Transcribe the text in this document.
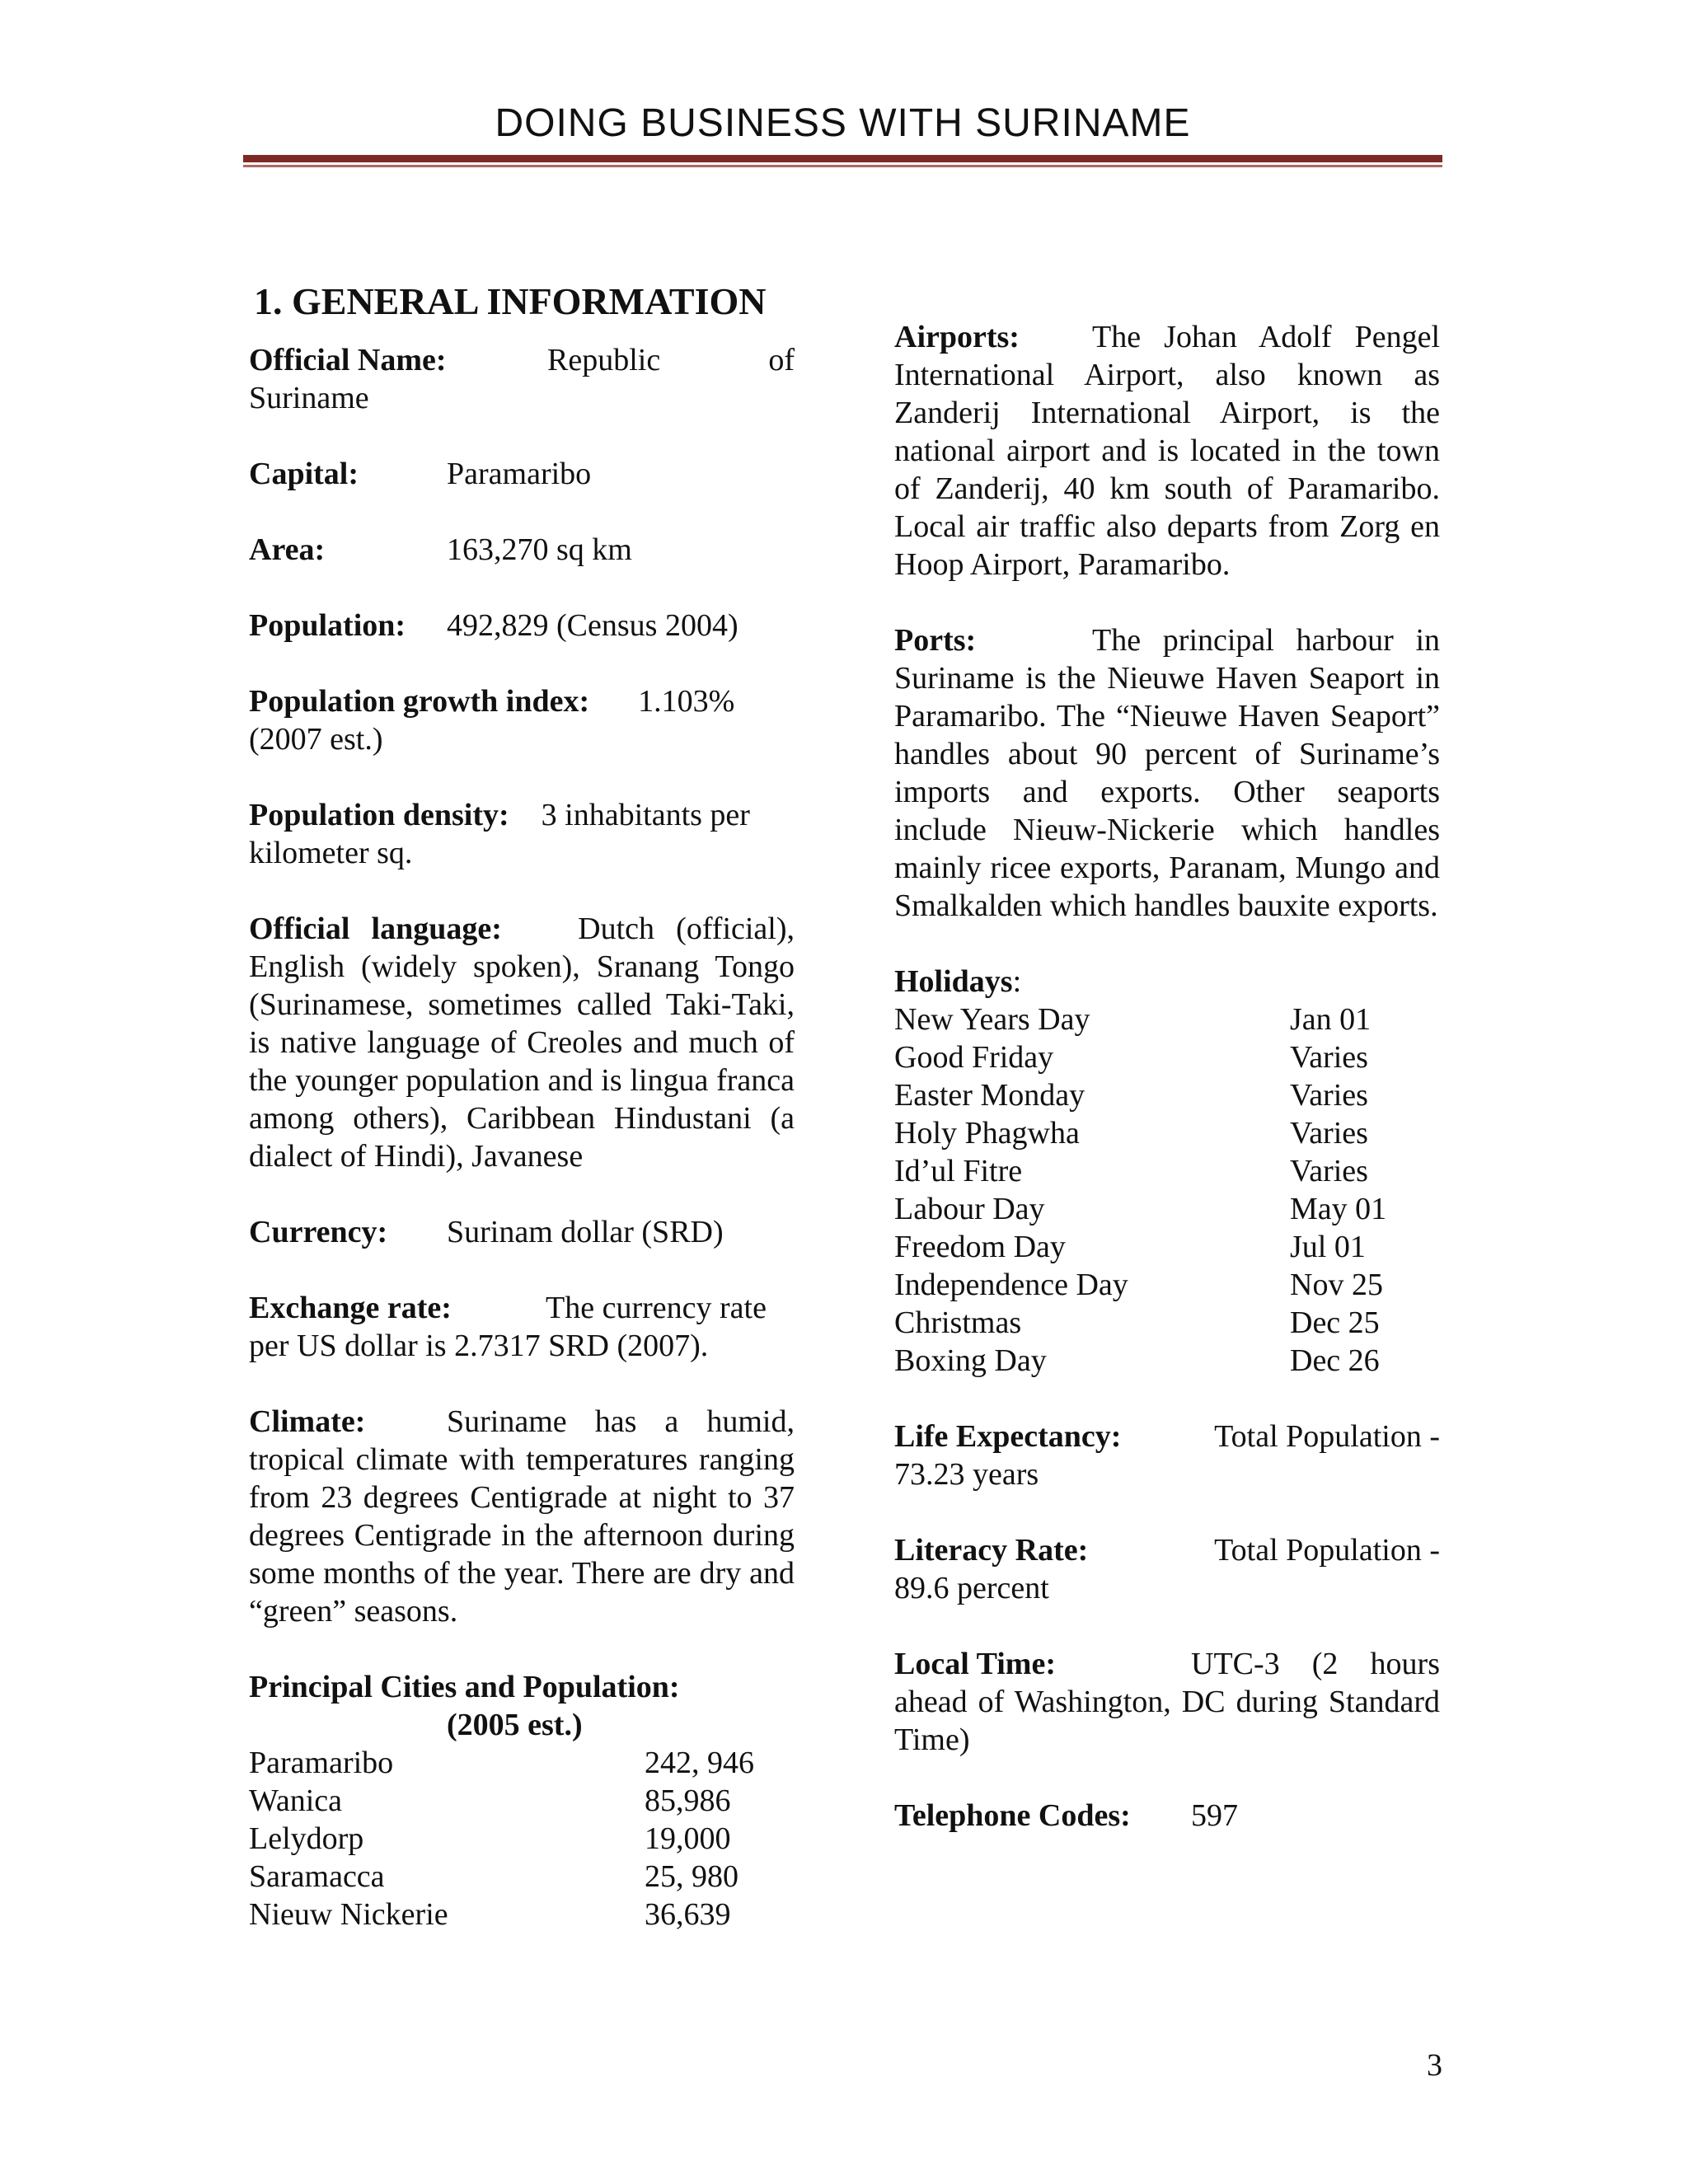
DOING BUSINESS WITH SURINAME
1. GENERAL INFORMATION
Official Name:	Republic	of
Suriname
Capital:	Paramaribo
Area:	163,270 sq km
Population:	492,829 (Census 2004)
Population growth index: 1.103%
(2007 est.)
Population density: 3 inhabitants per
kilometer sq.
Official language: Dutch (official), English (widely spoken), Sranang Tongo (Surinamese, sometimes called Taki-Taki, is native language of Creoles and much of the younger population and is lingua franca among others), Caribbean Hindustani (a dialect of Hindi), Javanese
Currency:	Surinam dollar (SRD)
Exchange rate:	The currency rate
per US dollar is 2.7317 SRD (2007).
Climate:	Suriname has a humid, tropical climate with temperatures ranging from 23 degrees Centigrade at night to 37 degrees Centigrade in the afternoon during some months of the year. There are dry and “green” seasons.
Principal Cities and Population:
(2005 est.)
Paramaribo	242, 946
Wanica	85,986
Lelydorp	19,000
Saramacca	25, 980
Nieuw Nickerie	36,639
Airports: The Johan Adolf Pengel International Airport, also known as Zanderij International Airport, is the national airport and is located in the town of Zanderij, 40 km south of Paramaribo. Local air traffic also departs from Zorg en Hoop Airport, Paramaribo.
Ports:	The principal harbour in Suriname is the Nieuwe Haven Seaport in Paramaribo. The “Nieuwe Haven Seaport” handles about 90 percent of Suriname’s imports and exports. Other seaports include Nieuw-Nickerie which handles mainly ricee exports, Paranam, Mungo and Smalkalden which handles bauxite exports.
Holidays:
New Years Day	Jan 01
Good Friday	Varies
Easter Monday	Varies
Holy Phagwha	Varies
Id’ul Fitre	Varies
Labour Day	May 01
Freedom Day	Jul 01
Independence Day	Nov 25
Christmas	Dec 25
Boxing Day	Dec 26
Life Expectancy:	Total Population -
73.23 years
Literacy Rate:	Total Population -
89.6 percent
Local Time:	UTC-3 (2 hours ahead of Washington, DC during Standard Time)
Telephone Codes: 597
3
